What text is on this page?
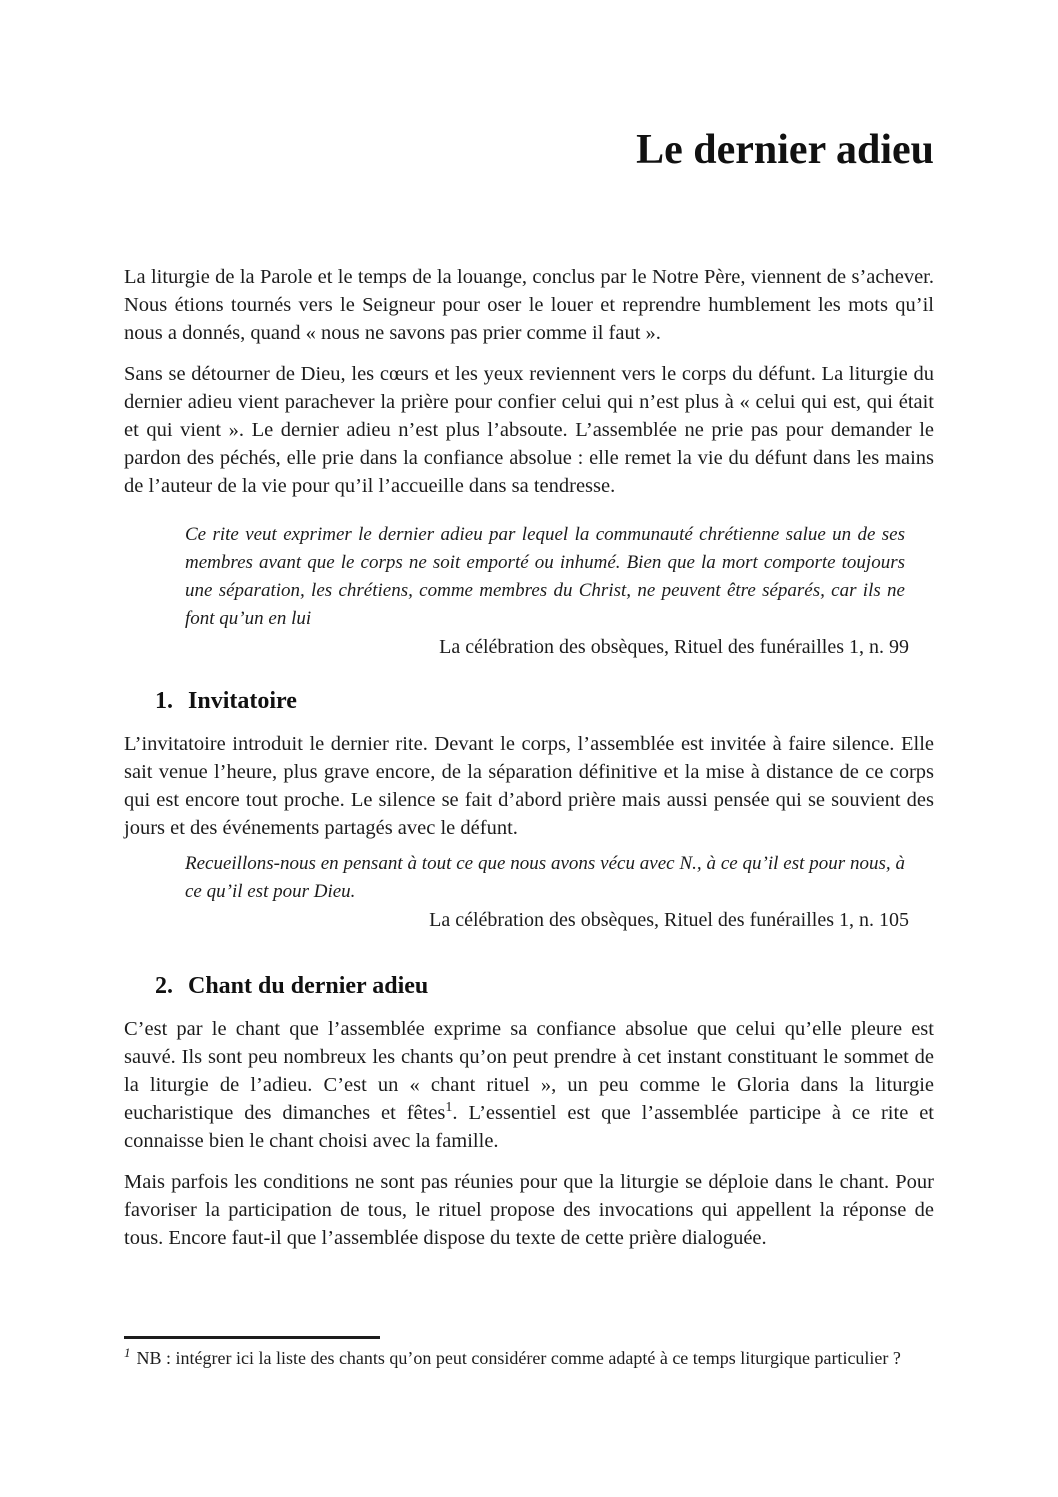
Le dernier adieu

La liturgie de la Parole et le temps de la louange, conclus par le Notre Père, viennent de s’achever. Nous étions tournés vers le Seigneur pour oser le louer et reprendre humblement les mots qu’il nous a donnés, quand « nous ne savons pas prier comme il faut ».

Sans se détourner de Dieu, les cœurs et les yeux reviennent vers le corps du défunt. La liturgie du dernier adieu vient parachever la prière pour confier celui qui n’est plus à « celui qui est, qui était et qui vient ». Le dernier adieu n’est plus l’absoute. L’assemblée ne prie pas pour demander le pardon des péchés, elle prie dans la confiance absolue : elle remet la vie du défunt dans les mains de l’auteur de la vie pour qu’il l’accueille dans sa tendresse.

Ce rite veut exprimer le dernier adieu par lequel la communauté chrétienne salue un de ses membres avant que le corps ne soit emporté ou inhumé. Bien que la mort comporte toujours une séparation, les chrétiens, comme membres du Christ, ne peuvent être séparés, car ils ne font qu’un en lui
La célébration des obsèques, Rituel des funérailles 1, n. 99
1. Invitatoire

L’invitatoire introduit le dernier rite. Devant le corps, l’assemblée est invitée à faire silence. Elle sait venue l’heure, plus grave encore, de la séparation définitive et la mise à distance de ce corps qui est encore tout proche. Le silence se fait d’abord prière mais aussi pensée qui se souvient des jours et des événements partagés avec le défunt.

Recueillons-nous en pensant à tout ce que nous avons vécu avec N., à ce qu’il est pour nous, à ce qu’il est pour Dieu.
La célébration des obsèques, Rituel des funérailles 1, n. 105
2. Chant du dernier adieu

C’est par le chant que l’assemblée exprime sa confiance absolue que celui qu’elle pleure est sauvé. Ils sont peu nombreux les chants qu’on peut prendre à cet instant constituant le sommet de la liturgie de l’adieu. C’est un « chant rituel », un peu comme le Gloria dans la liturgie eucharistique des dimanches et fêtes$^1$. L’essentiel est que l’assemblée participe à ce rite et connaisse bien le chant choisi avec la famille.

Mais parfois les conditions ne sont pas réunies pour que la liturgie se déploie dans le chant. Pour favoriser la participation de tous, le rituel propose des invocations qui appellent la réponse de tous. Encore faut-il que l’assemblée dispose du texte de cette prière dialoguée.

$^1$ NB : intégrer ici la liste des chants qu’on peut considérer comme adapté à ce temps liturgique particulier ?
